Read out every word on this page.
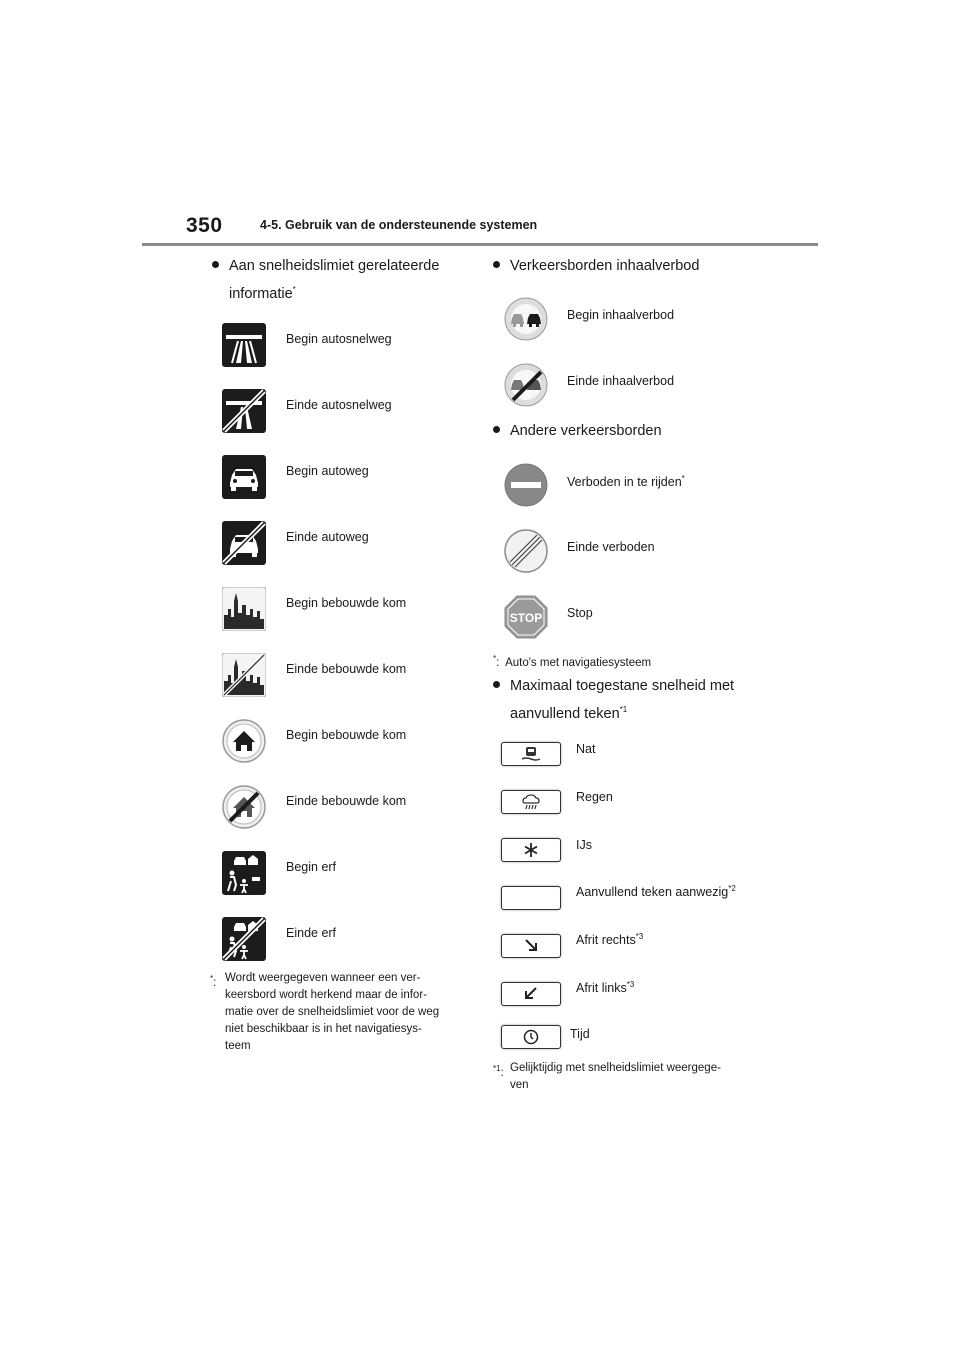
350	4-5. Gebruik van de ondersteunende systemen
Aan snelheidslimiet gerelateerde
informatie*
Begin autosnelweg
Einde autosnelweg
Begin autoweg
Einde autoweg
Begin bebouwde kom
Einde bebouwde kom
Begin bebouwde kom
Einde bebouwde kom
Begin erf
Einde erf
*: Wordt weergegeven wanneer een ver-
keersbord wordt herkend maar de infor-
matie over de snelheidslimiet voor de weg
niet beschikbaar is in het navigatiesys-
teem
Verkeersborden inhaalverbod
Begin inhaalverbod
Einde inhaalverbod
Andere verkeersborden
STOP
Verboden in te rijden*
Einde verboden
Stop
*:  Auto's met navigatiesysteem
Maximaal toegestane snelheid met
aanvullend teken$^{*1}$
Nat
Regen
IJs
Aanvullend teken aanwezig$^{*2}$
Afrit rechts$^{*3}$
Afrit links$^{*3}$
Tijd
$^{*1}$: Gelijktijdig met snelheidslimiet weergege-
ven
